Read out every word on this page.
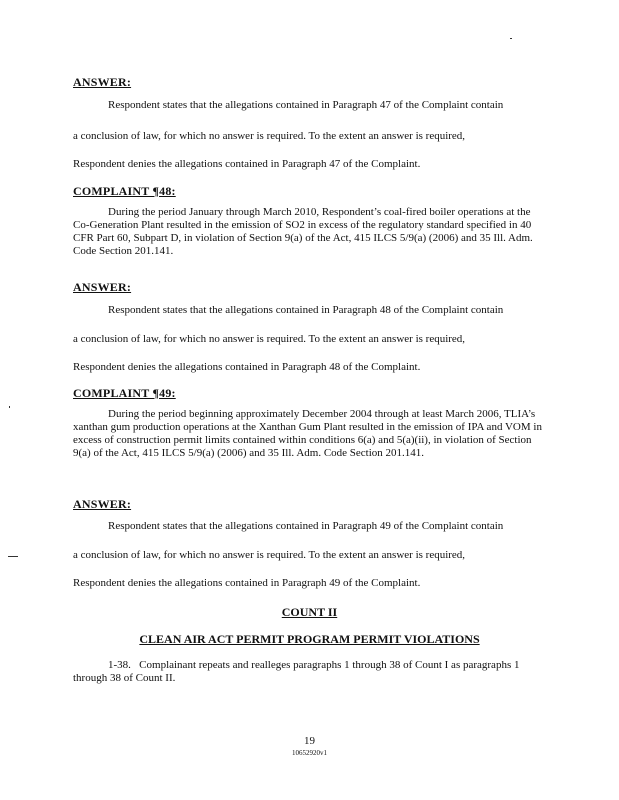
ANSWER:
Respondent states that the allegations contained in Paragraph 47 of the Complaint contain
a conclusion of law, for which no answer is required. To the extent an answer is required,
Respondent denies the allegations contained in Paragraph 47 of the Complaint.
COMPLAINT ¶48:
During the period January through March 2010, Respondent’s coal-fired boiler operations at the Co-Generation Plant resulted in the emission of SO2 in excess of the regulatory standard specified in 40 CFR Part 60, Subpart D, in violation of Section 9(a) of the Act, 415 ILCS 5/9(a) (2006) and 35 Ill. Adm. Code Section 201.141.
ANSWER:
Respondent states that the allegations contained in Paragraph 48 of the Complaint contain
a conclusion of law, for which no answer is required. To the extent an answer is required,
Respondent denies the allegations contained in Paragraph 48 of the Complaint.
COMPLAINT ¶49:
During the period beginning approximately December 2004 through at least March 2006, TLIA’s xanthan gum production operations at the Xanthan Gum Plant resulted in the emission of IPA and VOM in excess of construction permit limits contained within conditions 6(a) and 5(a)(ii), in violation of Section 9(a) of the Act, 415 ILCS 5/9(a) (2006) and 35 Ill. Adm. Code Section 201.141.
ANSWER:
Respondent states that the allegations contained in Paragraph 49 of the Complaint contain
a conclusion of law, for which no answer is required. To the extent an answer is required,
Respondent denies the allegations contained in Paragraph 49 of the Complaint.
COUNT II
CLEAN AIR ACT PERMIT PROGRAM PERMIT VIOLATIONS
1-38. Complainant repeats and realleges paragraphs 1 through 38 of Count I as paragraphs 1 through 38 of Count II.
19
10652920v1
